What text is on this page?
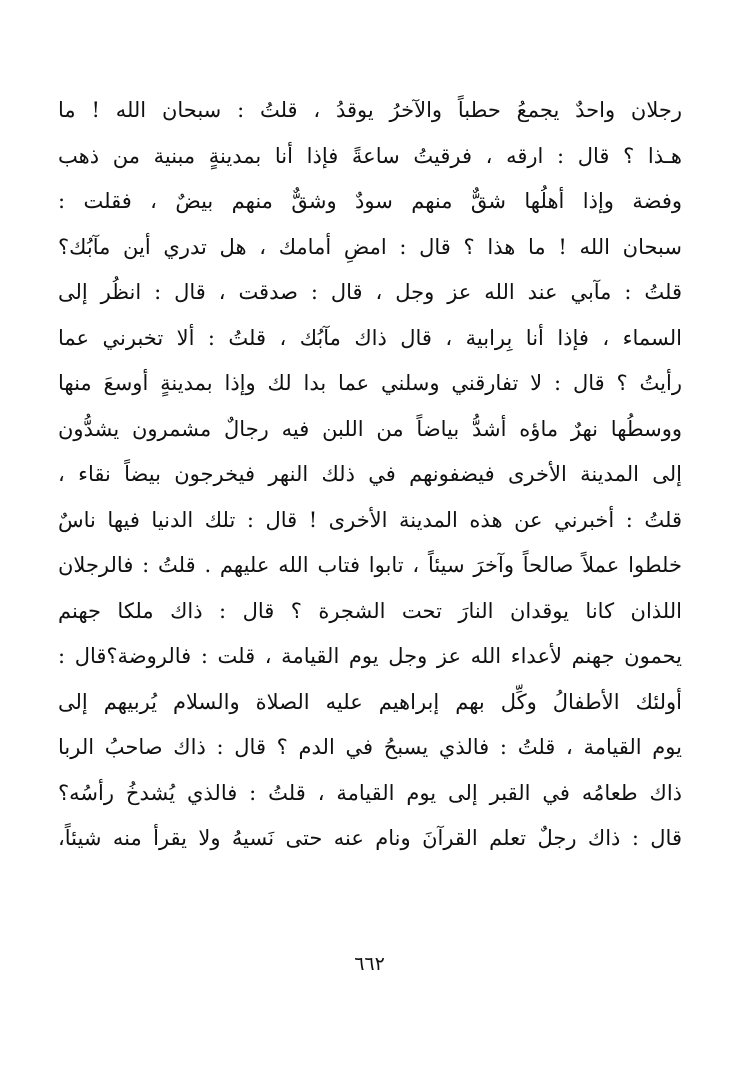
رجلان واحدٌ يجمعُ حطباً والآخرُ يوقدُ ، قلتُ : سبحان الله ! ما
هـذا ؟ قال : ارقه ، فرقيتُ ساعةً فإذا أنا بمدينةٍ مبنية من ذهب
وفضة وإذا أهلُها شقٌّ منهم سودٌ وشقٌّ منهم بيضٌ ، فقلت :
سبحان الله ! ما هذا ؟ قال : امضِ أمامك ، هل تدري أين مآبُك؟
قلتُ : مآبي عند الله عز وجل ، قال : صدقت ، قال : انظُر إلى
السماء ، فإذا أنا بِرابية ، قال ذاك مآبُك ، قلتُ : ألا تخبرني عما
رأيتُ ؟ قال : لا تفارقني وسلني عما بدا لك وإذا بمدينةٍ أوسعَ منها
ووسطُها نهرٌ ماؤه أشدُّ بياضاً من اللبن فيه رجالٌ مشمرون يشدُّون
إلى المدينة الأخرى فيضفونهم في ذلك النهر فيخرجون بيضاً نقاء ،
قلتُ : أخبرني عن هذه المدينة الأخرى ! قال : تلك الدنيا فيها ناسٌ
خلطوا عملاً صالحاً وآخرَ سيئاً ، تابوا فتاب الله عليهم . قلتُ : فالرجلان
اللذان كانا يوقدان النارَ تحت الشجرة ؟ قال : ذاك ملكا جهنم
يحمون جهنم لأعداء الله عز وجل يوم القيامة ، قلت : فالروضة؟قال :
أولئك الأطفالُ وكِّل بهم إبراهيم عليه الصلاة والسلام يُربيهم إلى
يوم القيامة ، قلتُ : فالذي يسبحُ في الدم ؟ قال : ذاك صاحبُ الربا
ذاك طعامُه في القبر إلى يوم القيامة ، قلتُ : فالذي يُشدخُ رأسُه؟
قال : ذاك رجلٌ تعلم القرآنَ ونام عنه حتى نَسيهُ ولا يقرأ منه شيئاً،
٦٦٢
